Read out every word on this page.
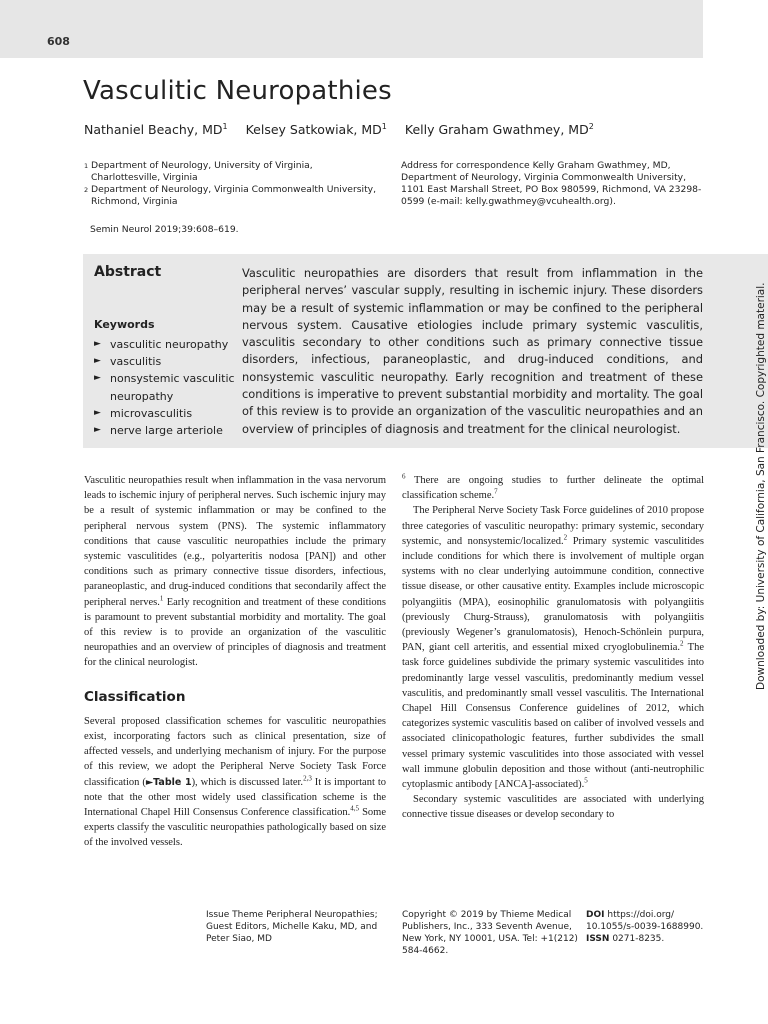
608
Vasculitic Neuropathies
Nathaniel Beachy, $MD^1$ Kelsey Satkowiak, $MD^1$ Kelly Graham Gwathmey, $MD^2$
1 Department of Neurology, University of Virginia, Charlottesville, Virginia
2 Department of Neurology, Virginia Commonwealth University, Richmond, Virginia
Address for correspondence Kelly Graham Gwathmey, MD, Department of Neurology, Virginia Commonwealth University, 1101 East Marshall Street, PO Box 980599, Richmond, VA 23298-0599 (e-mail: kelly.gwathmey@vcuhealth.org).
Semin Neurol 2019;39:608–619.
Abstract
Keywords
► vasculitic neuropathy
► vasculitis
► nonsystemic vasculitic neuropathy
► microvasculitis
► nerve large arteriole
Vasculitic neuropathies are disorders that result from inflammation in the peripheral nerves’ vascular supply, resulting in ischemic injury. These disorders may be a result of systemic inflammation or may be confined to the peripheral nervous system. Causative etiologies include primary systemic vasculitis, vasculitis secondary to other conditions such as primary connective tissue disorders, infectious, paraneoplastic, and drug-induced conditions, and nonsystemic vasculitic neuropathy. Early recognition and treatment of these conditions is imperative to prevent substantial morbidity and mortality. The goal of this review is to provide an organization of the vasculitic neuropathies and an overview of principles of diagnosis and treatment for the clinical neurologist.

Vasculitic neuropathies result when inflammation in the vasa nervorum leads to ischemic injury of peripheral nerves. Such ischemic injury may be a result of systemic inflammation or may be confined to the peripheral nervous system (PNS). The systemic inflammatory conditions that cause vasculitic neuropathies include the primary systemic vasculitides (e.g., polyarteritis nodosa [PAN]) and other conditions such as primary connective tissue disorders, infectious, paraneoplastic, and drug-induced conditions that secondarily affect the peripheral nerves.$^1$ Early recognition and treatment of these conditions is paramount to prevent substantial morbidity and mortality. The goal of this review is to provide an organization of the vasculitic neuropathies and an overview of principles of diagnosis and treatment for the clinical neurologist.

Classification

Several proposed classification schemes for vasculitic neuropathies exist, incorporating factors such as clinical presentation, size of affected vessels, and underlying mechanism of injury. For the purpose of this review, we adopt the Peripheral Nerve Society Task Force classification (►Table 1), which is discussed later.$^{2,3}$ It is important to note that the other most widely used classification scheme is the International Chapel Hill Consensus Conference classification.$^{4,5}$ Some experts classify the vasculitic neuropathies pathologically based on size of the involved vessels.

$^6$ There are ongoing studies to further delineate the optimal classification scheme.$^7$

The Peripheral Nerve Society Task Force guidelines of 2010 propose three categories of vasculitic neuropathy: primary systemic, secondary systemic, and nonsystemic/localized.$^2$ Primary systemic vasculitides include conditions for which there is involvement of multiple organ systems with no clear underlying autoimmune condition, connective tissue disease, or other causative entity. Examples include microscopic polyangiitis (MPA), eosinophilic granulomatosis with polyangiitis (previously Churg-Strauss), granulomatosis with polyangiitis (previously Wegener’s granulomatosis), Henoch-Schönlein purpura, PAN, giant cell arteritis, and essential mixed cryoglobulinemia.$^2$ The task force guidelines subdivide the primary systemic vasculitides into predominantly large vessel vasculitis, predominantly medium vessel vasculitis, and predominantly small vessel vasculitis. The International Chapel Hill Consensus Conference guidelines of 2012, which categorizes systemic vasculitis based on caliber of involved vessels and associated clinicopathologic features, further subdivides the small vessel primary systemic vasculitides into those associated with vessel wall immune globulin deposition and those without (anti-neutrophilic cytoplasmic antibody [ANCA]-associated).$^5$

Secondary systemic vasculitides are associated with underlying connective tissue diseases or develop secondary to

Issue Theme Peripheral Neuropathies; Guest Editors, Michelle Kaku, MD, and Peter Siao, MD
Copyright © 2019 by Thieme Medical Publishers, Inc., 333 Seventh Avenue, New York, NY 10001, USA. Tel: +1(212) 584-4662.
DOI https://doi.org/ 10.1055/s-0039-1688990.
ISSN 0271-8235.
Downloaded by: University of California, San Francisco. Copyrighted material.
